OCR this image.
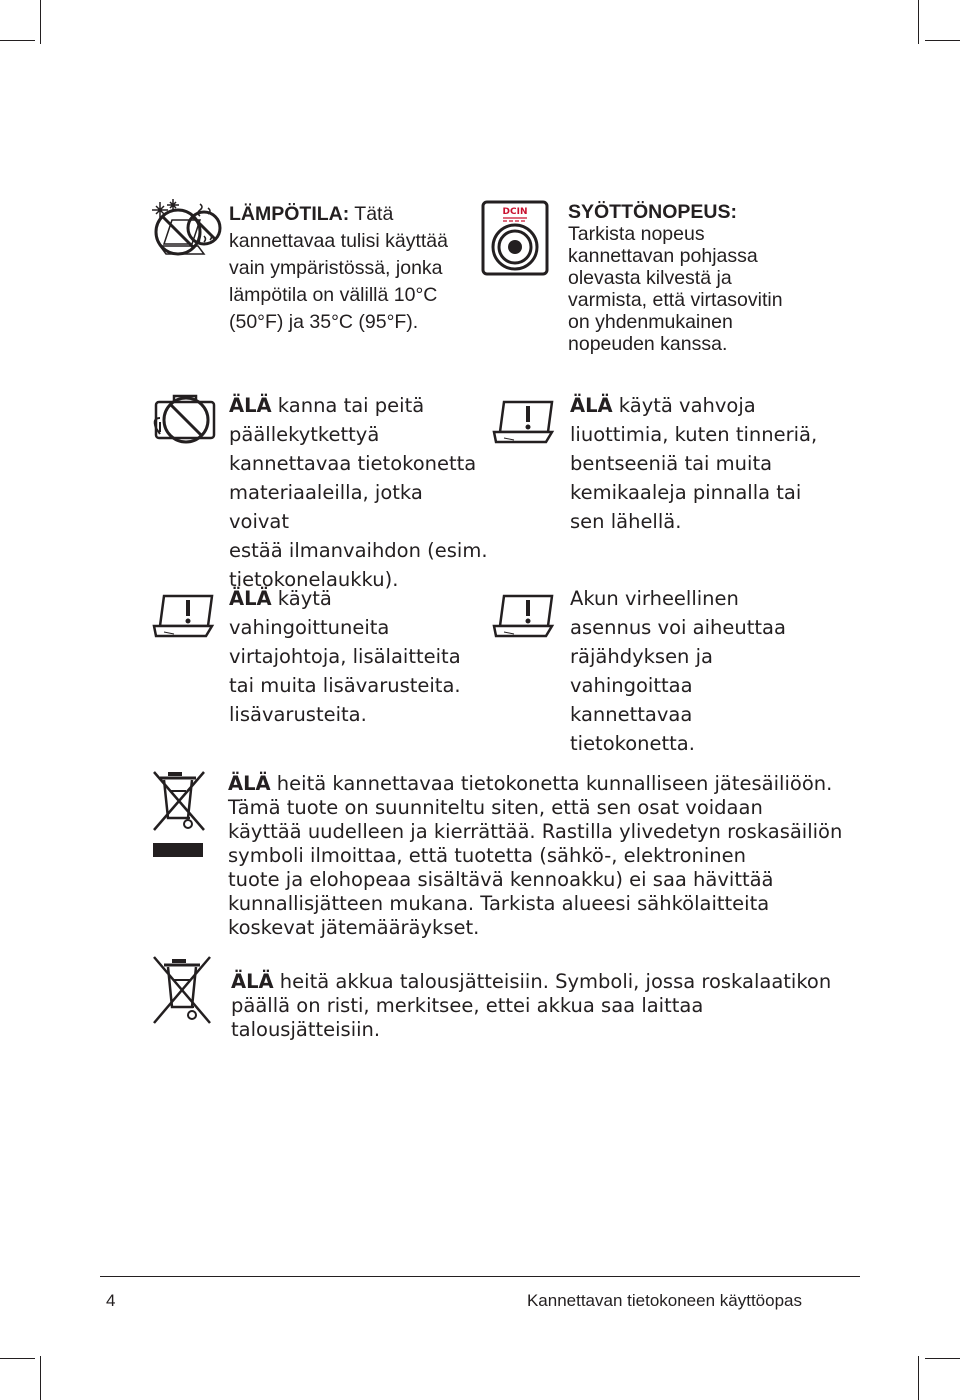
LÄMPÖTILA: Tätä
kannettavaa tulisi käyttää
vain ympäristössä, jonka
lämpötila on välillä 10°C
(50°F) ja 35°C (95°F).
DCIN SYÖTTÖNOPEUS:
Tarkista nopeus
kannettavan pohjassa
olevasta kilvestä ja
varmista, että virtasovitin
on yhdenmukainen
nopeuden kanssa.
ÄLÄ kanna tai peitä
päällekytkettyä
kannettavaa tietokonetta
materiaaleilla, jotka voivat
estää ilmanvaihdon (esim.
tietokonelaukku).
ÄLÄ käytä vahvoja
liuottimia, kuten tinneriä,
bentseeniä tai muita
kemikaaleja pinnalla tai
sen lähellä.
ÄLÄ käytä
vahingoittuneita
virtajohtoja, lisälaitteita
tai muita lisävarusteita.
lisävarusteita.
Akun virheellinen
asennus voi aiheuttaa
räjähdyksen ja
vahingoittaa
kannettavaa
tietokonetta.
ÄLÄ heitä kannettavaa tietokonetta kunnalliseen jätesäiliöön.
Tämä tuote on suunniteltu siten, että sen osat voidaan
käyttää uudelleen ja kierrättää. Rastilla ylivedetyn roskasäiliön
symboli ilmoittaa, että tuotetta (sähkö-, elektroninen
tuote ja elohopeaa sisältävä kennoakku) ei saa hävittää
kunnallisjätteen mukana. Tarkista alueesi sähkölaitteita
koskevat jätemääräykset.
ÄLÄ heitä akkua talousjätteisiin. Symboli, jossa roskalaatikon
päällä on risti, merkitsee, ettei akkua saa laittaa talousjätteisiin.
4	Kannettavan tietokoneen käyttöopas
